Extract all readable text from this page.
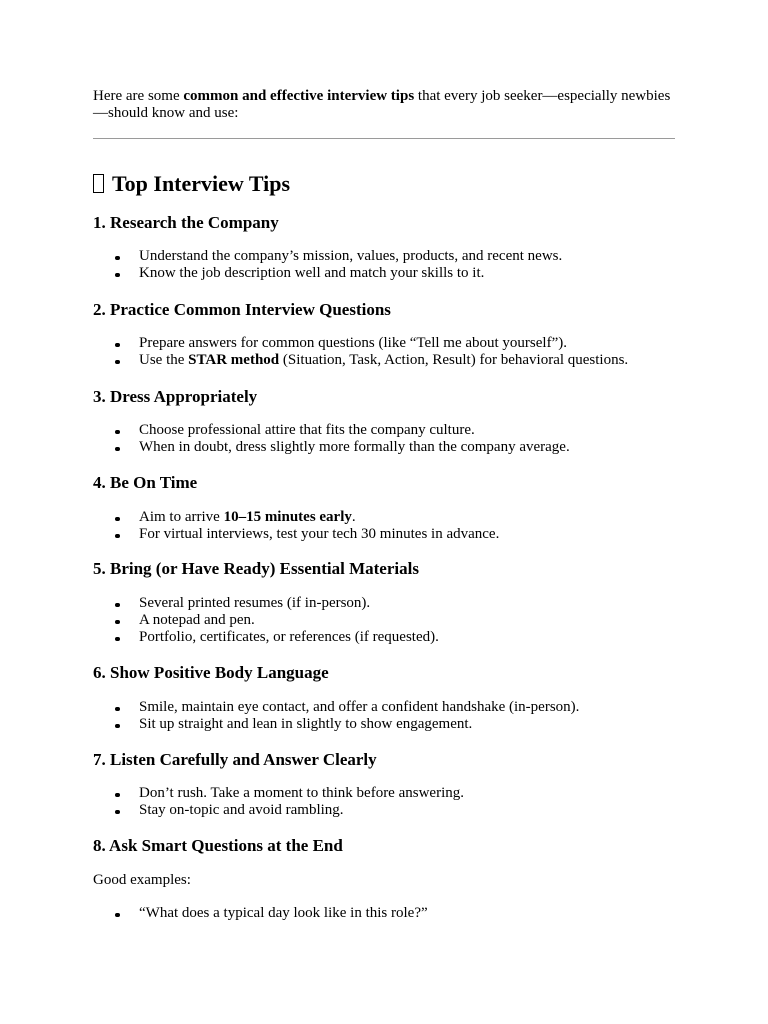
Here are some common and effective interview tips that every job seeker—especially newbies—should know and use:

Top Interview Tips
1. Research the Company
Understand the company’s mission, values, products, and recent news.
Know the job description well and match your skills to it.
2. Practice Common Interview Questions
Prepare answers for common questions (like “Tell me about yourself”).
Use the STAR method (Situation, Task, Action, Result) for behavioral questions.
3. Dress Appropriately
Choose professional attire that fits the company culture.
When in doubt, dress slightly more formally than the company average.
4. Be On Time
Aim to arrive 10–15 minutes early.
For virtual interviews, test your tech 30 minutes in advance.
5. Bring (or Have Ready) Essential Materials
Several printed resumes (if in-person).
A notepad and pen.
Portfolio, certificates, or references (if requested).
6. Show Positive Body Language
Smile, maintain eye contact, and offer a confident handshake (in-person).
Sit up straight and lean in slightly to show engagement.
7. Listen Carefully and Answer Clearly
Don’t rush. Take a moment to think before answering.
Stay on-topic and avoid rambling.
8. Ask Smart Questions at the End

Good examples:

“What does a typical day look like in this role?”
